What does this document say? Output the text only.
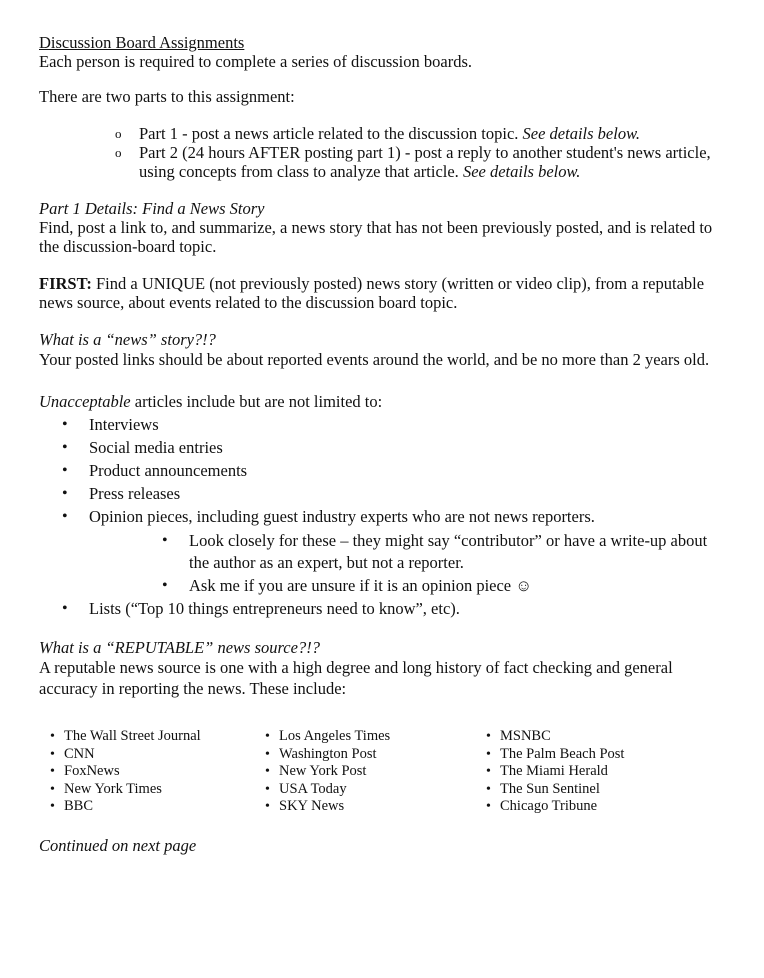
Discussion Board Assignments

Each person is required to complete a series of discussion boards.

There are two parts to this assignment:

o Part 1 - post a news article related to the discussion topic. See details below.
o Part 2 (24 hours AFTER posting part 1) - post a reply to another student's news article, using concepts from class to analyze that article. See details below.

Part 1 Details: Find a News Story

Find, post a link to, and summarize, a news story that has not been previously posted, and is related to the discussion-board topic.

FIRST: Find a UNIQUE (not previously posted) news story (written or video clip), from a reputable news source, about events related to the discussion board topic.

What is a “news” story?!?

Your posted links should be about reported events around the world, and be no more than 2 years old.

Unacceptable articles include but are not limited to:

• Interviews
• Social media entries
• Product announcements
• Press releases
• Opinion pieces, including guest industry experts who are not news reporters.
• Look closely for these – they might say “contributor” or have a write-up about the author as an expert, but not a reporter.
• Ask me if you are unsure if it is an opinion piece ☺
• Lists (“Top 10 things entrepreneurs need to know”, etc).

What is a “REPUTABLE” news source?!?

A reputable news source is one with a high degree and long history of fact checking and general accuracy in reporting the news. These include:

• The Wall Street Journal
• CNN
• FoxNews
• New York Times
• BBC
• Los Angeles Times
• Washington Post
• New York Post
• USA Today
• SKY News
• MSNBC
• The Palm Beach Post
• The Miami Herald
• The Sun Sentinel
• Chicago Tribune

Continued on next page
